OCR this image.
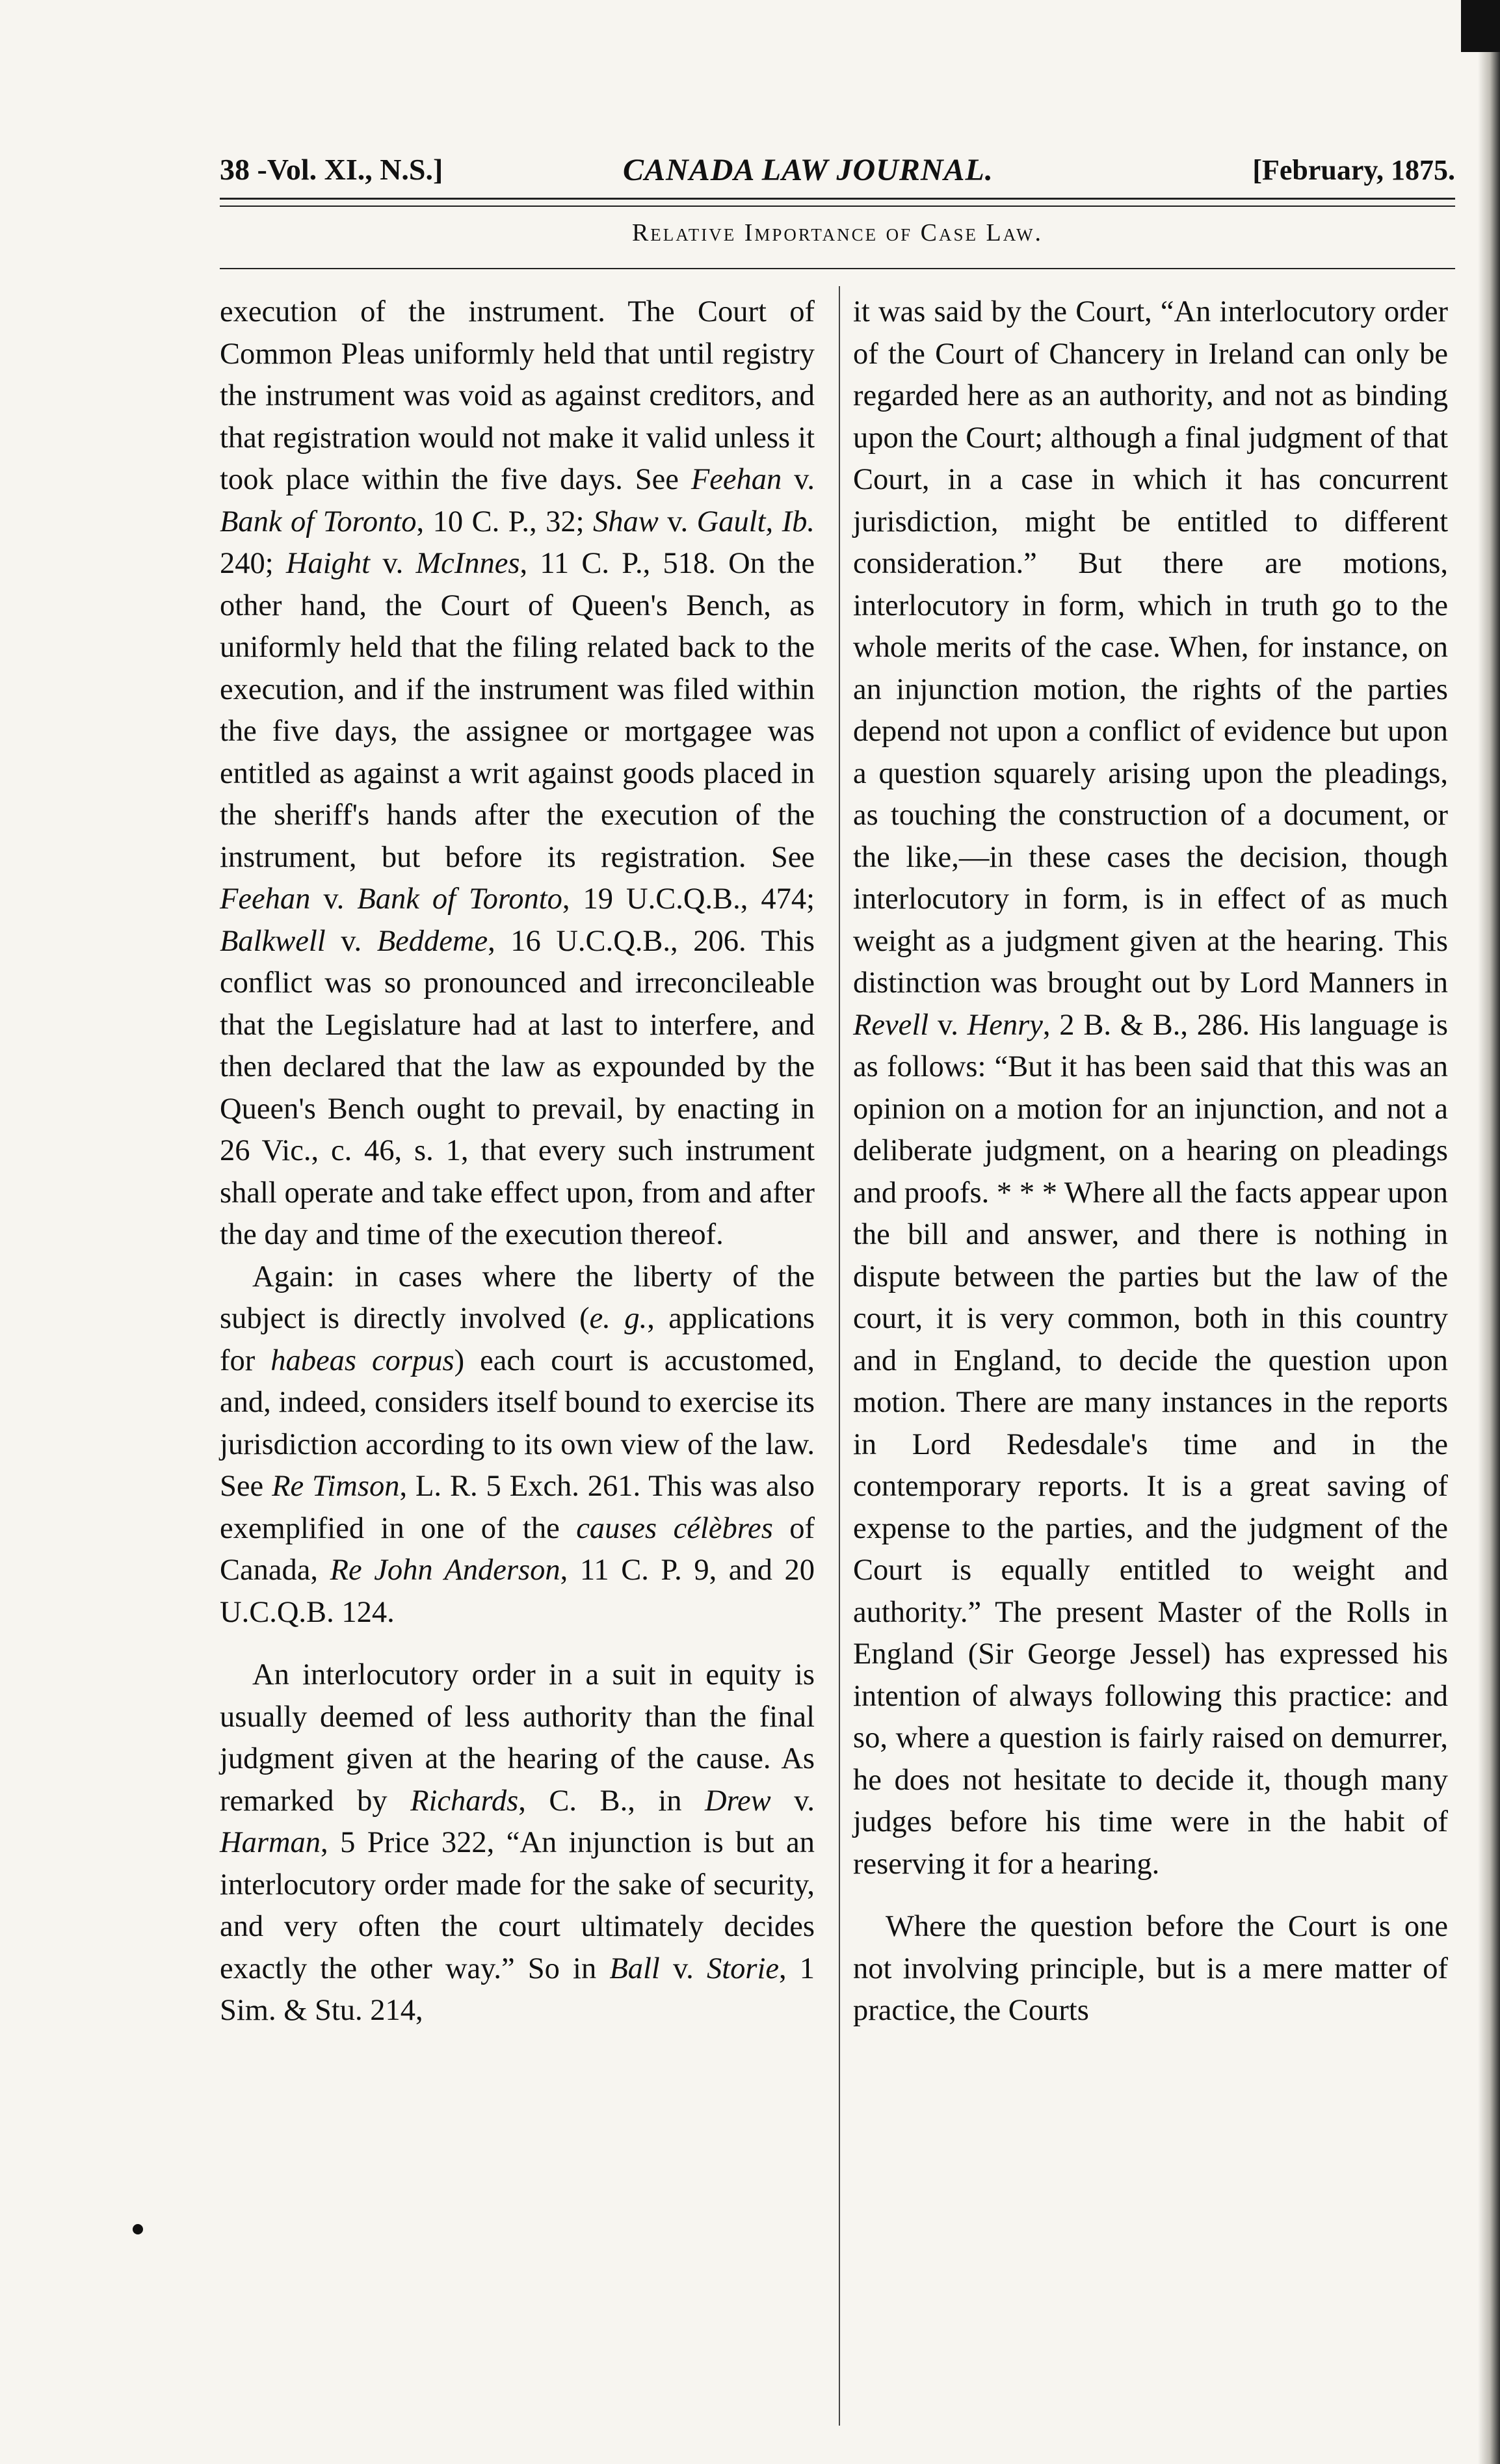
38 -Vol. XI., N.S.]	CANADA LAW JOURNAL.	[February, 1875.
Relative Importance of Case Law.

execution of the instrument. The Court of Common Pleas uniformly held that until registry the instrument was void as against creditors, and that registration would not make it valid unless it took place within the five days. See Feehan v. Bank of Toronto, 10 C. P., 32; Shaw v. Gault, Ib. 240; Haight v. McInnes, 11 C. P., 518. On the other hand, the Court of Queen's Bench, as uniformly held that the filing related back to the execution, and if the instrument was filed within the five days, the assignee or mortgagee was entitled as against a writ against goods placed in the sheriff's hands after the execution of the instrument, but before its registration. See Feehan v. Bank of Toronto, 19 U.C.Q.B., 474; Balkwell v. Beddeme, 16 U.C.Q.B., 206. This conflict was so pronounced and irreconcileable that the Legislature had at last to interfere, and then declared that the law as expounded by the Queen's Bench ought to prevail, by enacting in 26 Vic., c. 46, s. 1, that every such instrument shall operate and take effect upon, from and after the day and time of the execution thereof.

Again: in cases where the liberty of the subject is directly involved (e. g., applications for habeas corpus) each court is accustomed, and, indeed, considers itself bound to exercise its jurisdiction according to its own view of the law. See Re Timson, L. R. 5 Exch. 261. This was also exemplified in one of the causes célèbres of Canada, Re John Anderson, 11 C. P. 9, and 20 U.C.Q.B. 124.

An interlocutory order in a suit in equity is usually deemed of less authority than the final judgment given at the hearing of the cause. As remarked by Richards, C. B., in Drew v. Harman, 5 Price 322, “An injunction is but an interlocutory order made for the sake of security, and very often the court ultimately decides exactly the other way.” So in Ball v. Storie, 1 Sim. & Stu. 214,

it was said by the Court, “An interlocutory order of the Court of Chancery in Ireland can only be regarded here as an authority, and not as binding upon the Court; although a final judgment of that Court, in a case in which it has concurrent jurisdiction, might be entitled to different consideration.” But there are motions, interlocutory in form, which in truth go to the whole merits of the case. When, for instance, on an injunction motion, the rights of the parties depend not upon a conflict of evidence but upon a question squarely arising upon the pleadings, as touching the construction of a document, or the like,—in these cases the decision, though interlocutory in form, is in effect of as much weight as a judgment given at the hearing. This distinction was brought out by Lord Manners in Revell v. Henry, 2 B. & B., 286. His language is as follows: “But it has been said that this was an opinion on a motion for an injunction, and not a deliberate judgment, on a hearing on pleadings and proofs. * * * Where all the facts appear upon the bill and answer, and there is nothing in dispute between the parties but the law of the court, it is very common, both in this country and in England, to decide the question upon motion. There are many instances in the reports in Lord Redesdale's time and in the contemporary reports. It is a great saving of expense to the parties, and the judgment of the Court is equally entitled to weight and authority.” The present Master of the Rolls in England (Sir George Jessel) has expressed his intention of always following this practice: and so, where a question is fairly raised on demurrer, he does not hesitate to decide it, though many judges before his time were in the habit of reserving it for a hearing.

Where the question before the Court is one not involving principle, but is a mere matter of practice, the Courts
